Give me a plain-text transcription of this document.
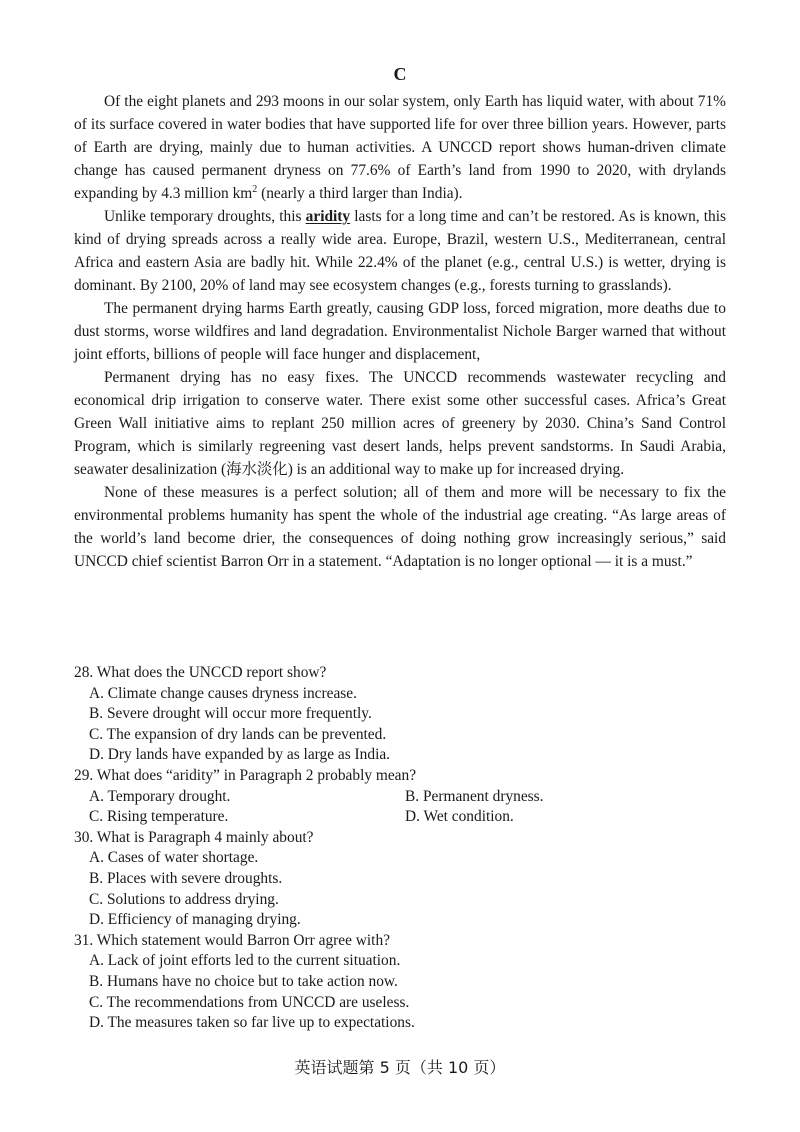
C

Of the eight planets and 293 moons in our solar system, only Earth has liquid water, with about 71% of its surface covered in water bodies that have supported life for over three billion years. However, parts of Earth are drying, mainly due to human activities. A UNCCD report shows human-driven climate change has caused permanent dryness on 77.6% of Earth’s land from 1990 to 2020, with drylands expanding by 4.3 million $km^2$ (nearly a third larger than India).

Unlike temporary droughts, this aridity lasts for a long time and can’t be restored. As is known, this kind of drying spreads across a really wide area. Europe, Brazil, western U.S., Mediterranean, central Africa and eastern Asia are badly hit. While 22.4% of the planet (e.g., central U.S.) is wetter, drying is dominant. By 2100, 20% of land may see ecosystem changes (e.g., forests turning to grasslands).

The permanent drying harms Earth greatly, causing GDP loss, forced migration, more deaths due to dust storms, worse wildfires and land degradation. Environmentalist Nichole Barger warned that without joint efforts, billions of people will face hunger and displacement,

Permanent drying has no easy fixes. The UNCCD recommends wastewater recycling and economical drip irrigation to conserve water. There exist some other successful cases. Africa’s Great Green Wall initiative aims to replant 250 million acres of greenery by 2030. China’s Sand Control Program, which is similarly regreening vast desert lands, helps prevent sandstorms. In Saudi Arabia, seawater desalinization (海水淡化) is an additional way to make up for increased drying.

None of these measures is a perfect solution; all of them and more will be necessary to fix the environmental problems humanity has spent the whole of the industrial age creating. “As large areas of the world’s land become drier, the consequences of doing nothing grow increasingly serious,” said UNCCD chief scientist Barron Orr in a statement. “Adaptation is no longer optional — it is a must.”

28. What does the UNCCD report show?

A. Climate change causes dryness increase.

B. Severe drought will occur more frequently.

C. The expansion of dry lands can be prevented.

D. Dry lands have expanded by as large as India.

29. What does “aridity” in Paragraph 2 probably mean?

A. Temporary drought.	B. Permanent dryness.
C. Rising temperature.	D. Wet condition.

30. What is Paragraph 4 mainly about?

A. Cases of water shortage.

B. Places with severe droughts.

C. Solutions to address drying.

D. Efficiency of managing drying.

31. Which statement would Barron Orr agree with?

A. Lack of joint efforts led to the current situation.

B. Humans have no choice but to take action now.

C. The recommendations from UNCCD are useless.

D. The measures taken so far live up to expectations.

英语试题第 5 页（共 10 页）
